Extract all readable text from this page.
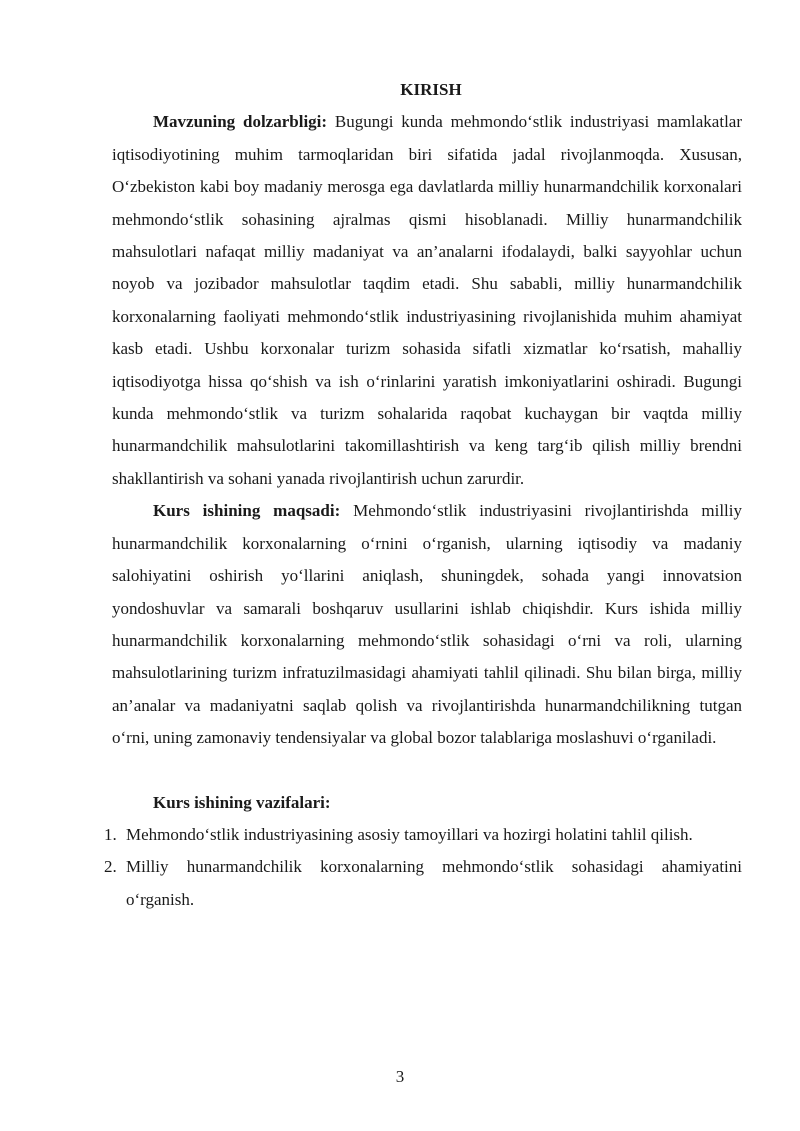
KIRISH

Mavzuning dolzarbligi: Bugungi kunda mehmondo‘stlik industriyasi mamlakatlar iqtisodiyotining muhim tarmoqlaridan biri sifatida jadal rivojlanmoqda. Xususan, O‘zbekiston kabi boy madaniy merosga ega davlatlarda milliy hunarmandchilik korxonalari mehmondo‘stlik sohasining ajralmas qismi hisoblanadi. Milliy hunarmandchilik mahsulotlari nafaqat milliy madaniyat va an’analarni ifodalaydi, balki sayyohlar uchun noyob va jozibador mahsulotlar taqdim etadi. Shu sababli, milliy hunarmandchilik korxonalarning faoliyati mehmondo‘stlik industriyasining rivojlanishida muhim ahamiyat kasb etadi. Ushbu korxonalar turizm sohasida sifatli xizmatlar ko‘rsatish, mahalliy iqtisodiyotga hissa qo‘shish va ish o‘rinlarini yaratish imkoniyatlarini oshiradi. Bugungi kunda mehmondo‘stlik va turizm sohalarida raqobat kuchaygan bir vaqtda milliy hunarmandchilik mahsulotlarini takomillashtirish va keng targ‘ib qilish milliy brendni shakllantirish va sohani yanada rivojlantirish uchun zarurdir.

Kurs ishining maqsadi: Mehmondo‘stlik industriyasini rivojlantirishda milliy hunarmandchilik korxonalarning o‘rnini o‘rganish, ularning iqtisodiy va madaniy salohiyatini oshirish yo‘llarini aniqlash, shuningdek, sohada yangi innovatsion yondoshuvlar va samarali boshqaruv usullarini ishlab chiqishdir. Kurs ishida milliy hunarmandchilik korxonalarning mehmondo‘stlik sohasidagi o‘rni va roli, ularning mahsulotlarining turizm infratuzilmasidagi ahamiyati tahlil qilinadi. Shu bilan birga, milliy an’analar va madaniyatni saqlab qolish va rivojlantirishda hunarmandchilikning tutgan o‘rni, uning zamonaviy tendensiyalar va global bozor talablariga moslashuvi o‘rganiladi.

Kurs ishining vazifalari:

1. Mehmondo‘stlik industriyasining asosiy tamoyillari va hozirgi holatini tahlil qilish.
2. Milliy hunarmandchilik korxonalarning mehmondo‘stlik sohasidagi ahamiyatini o‘rganish.
3
